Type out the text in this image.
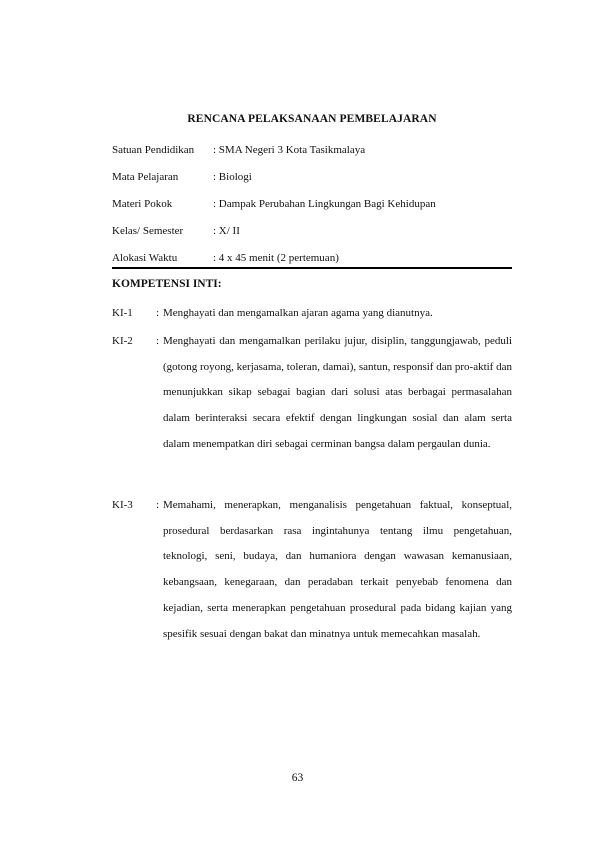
RENCANA PELAKSANAAN PEMBELAJARAN
Satuan Pendidikan : SMA Negeri 3 Kota Tasikmalaya
Mata Pelajaran	: Biologi
Materi Pokok	: Dampak Perubahan Lingkungan Bagi Kehidupan
Kelas/ Semester	: X/ II
Alokasi Waktu	: 4 x 45 menit (2 pertemuan)
KOMPETENSI INTI:
KI-1 : Menghayati dan mengamalkan ajaran agama yang dianutnya.
KI-2 : Menghayati dan mengamalkan perilaku jujur, disiplin, tanggungjawab, peduli (gotong royong, kerjasama, toleran, damai), santun, responsif dan pro-aktif dan menunjukkan sikap sebagai bagian dari solusi atas berbagai permasalahan dalam berinteraksi secara efektif dengan lingkungan sosial dan alam serta dalam menempatkan diri sebagai cerminan bangsa dalam pergaulan dunia.
KI-3 : Memahami, menerapkan, menganalisis pengetahuan faktual, konseptual, prosedural berdasarkan rasa ingintahunya tentang ilmu pengetahuan, teknologi, seni, budaya, dan humaniora dengan wawasan kemanusiaan, kebangsaan, kenegaraan, dan peradaban terkait penyebab fenomena dan kejadian, serta menerapkan pengetahuan prosedural pada bidang kajian yang spesifik sesuai dengan bakat dan minatnya untuk memecahkan masalah.
63
